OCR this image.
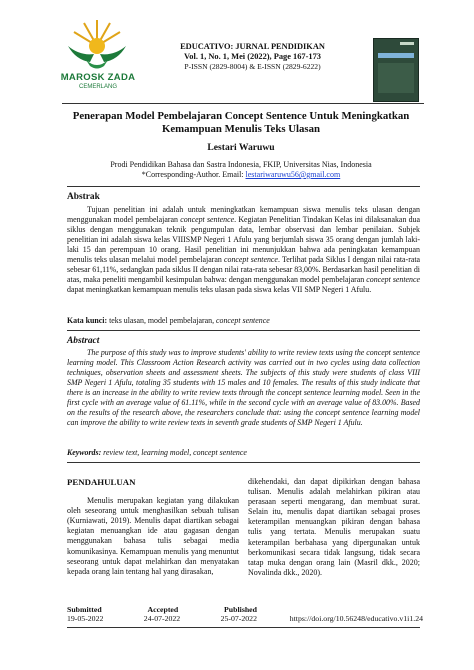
MAROSK ZADA
CEMERLANG
EDUCATIVO: JURNAL PENDIDIKAN
Vol. 1, No. 1, Mei (2022), Page 167-173
P-ISSN (2829-8004) & E-ISSN (2829-6222)
Penerapan Model Pembelajaran Concept Sentence Untuk Meningkatkan Kemampuan Menulis Teks Ulasan
Lestari Waruwu
Prodi Pendidikan Bahasa dan Sastra Indonesia, FKIP, Universitas Nias, Indonesia
*Corresponding-Author. Email: lestariwaruwu56@gmail.com
Abstrak
Tujuan penelitian ini adalah untuk meningkatkan kemampuan siswa menulis teks ulasan dengan menggunakan model pembelajaran concept sentence. Kegiatan Penelitian Tindakan Kelas ini dilaksanakan dua siklus dengan menggunakan teknik pengumpulan data, lembar observasi dan lembar penilaian. Subjek penelitian ini adalah siswa kelas VIIISMP Negeri 1 Afulu yang berjumlah siswa 35 orang dengan jumlah laki-laki 15 dan perempuan 10 orang. Hasil penelitian ini menunjukkan bahwa ada peningkatan kemampuan menulis teks ulasan melalui model pembelajaran concept sentence. Terlihat pada Siklus I dengan nilai rata-rata sebesar 61,11%, sedangkan pada siklus II dengan nilai rata-rata sebesar 83,00%. Berdasarkan hasil penelitian di atas, maka peneliti mengambil kesimpulan bahwa: dengan menggunakan model pembelajaran concept sentence dapat meningkatkan kemampuan menulis teks ulasan pada siswa kelas VII SMP Negeri 1 Afulu.
Kata kunci: teks ulasan, model pembelajaran, concept sentence
Abstract
The purpose of this study was to improve students' ability to write review texts using the concept sentence learning model. This Classroom Action Research activity was carried out in two cycles using data collection techniques, observation sheets and assessment sheets. The subjects of this study were students of class VIII SMP Negeri 1 Afulu, totaling 35 students with 15 males and 10 females. The results of this study indicate that there is an increase in the ability to write review texts through the concept sentence learning model. Seen in the first cycle with an average value of 61.11%, while in the second cycle with an average value of 83.00%. Based on the results of the research above, the researchers conclude that: using the concept sentence learning model can improve the ability to write review texts in seventh grade students of SMP Negeri 1 Afulu.
Keywords: review text, learning model, concept sentence
PENDAHULUAN
Menulis merupakan kegiatan yang dilakukan oleh seseorang untuk menghasilkan sebuah tulisan (Kurniawati, 2019). Menulis dapat diartikan sebagai kegiatan menuangkan ide atau gagasan dengan menggunakan bahasa tulis sebagai media komunikasinya. Kemampuan menulis yang menuntut seseorang untuk dapat melahirkan dan menyatakan kepada orang lain tentang hal yang dirasakan,
dikehendaki, dan dapat dipikirkan dengan bahasa tulisan. Menulis adalah melahirkan pikiran atau perasaan seperti mengarang, dan membuat surat. Selain itu, menulis dapat diartikan sebagai proses keterampilan menuangkan pikiran dengan bahasa tulis yang tertata. Menulis merupakan suatu keterampilan berbahasa yang dipergunakan untuk berkomunikasi secara tidak langsung, tidak secara tatap muka dengan orang lain (Masril dkk., 2020; Novalinda dkk., 2020).
Submitted	Accepted	Published
19-05-2022	24-07-2022	25-07-2022	https://doi.org/10.56248/educativo.v1i1.24
